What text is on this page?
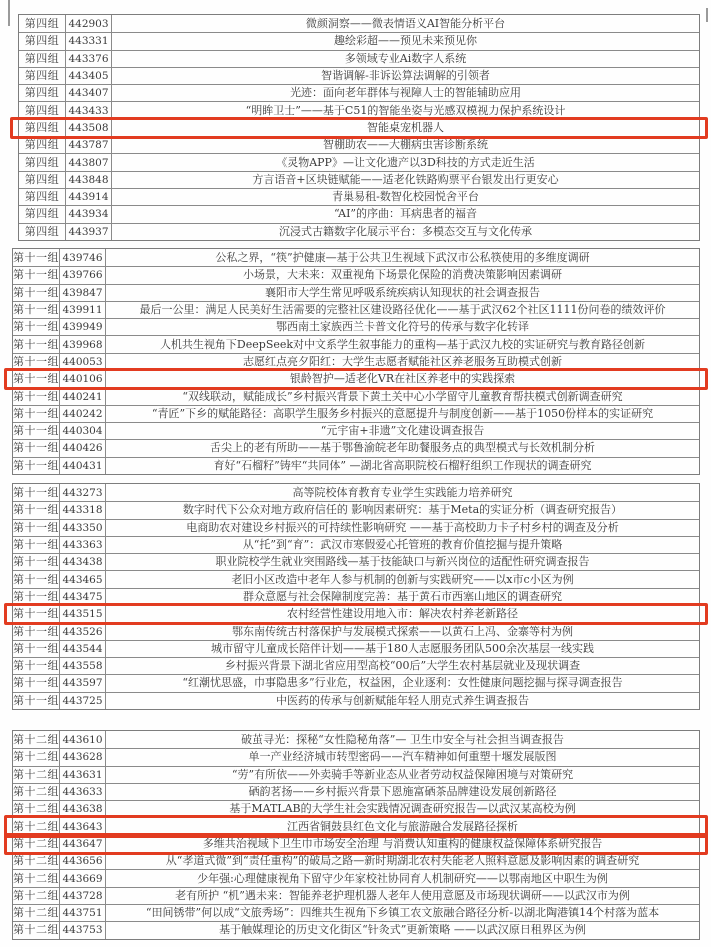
第四组 442903	微颜洞察——微表情语义AI智能分析平台
第四组 443331	趣绘彩超——预见未来预见你
第四组 443376	多领域专业Ai数字人系统
第四组 443405	智谐调解-非诉讼算法调解的引领者
第四组 443407	光迹：面向老年群体与视障人士的智能辅助应用
第四组 443433	“明眸卫士”——基于C51的智能坐姿与光感双模视力保护系统设计
第四组 443508	智能桌宠机器人
第四组 443787	智棚助农——大棚病虫害诊断系统
第四组 443807	《灵物APP》—让文化遗产以3D科技的方式走近生活
第四组 443848	方言语音+区块链赋能——适老化铁路购票平台银发出行更安心
第四组 443914	青巢易租-数智化校园悦舍平台
第四组 443934	“AI”的序曲：耳病患者的福音
第四组 443937	沉浸式古籍数字化展示平台：多模态交互与文化传承
第十一组 439746	公私之界，“筷”护健康—基于公共卫生视域下武汉市公私筷使用的多维度调研
第十一组 439766	小场景，大未来：双重视角下场景化保险的消费决策影响因素调研
第十一组 439847	襄阳市大学生常见呼吸系统疾病认知现状的社会调查报告
第十一组 439911	最后一公里：满足人民美好生活需要的完整社区建设路径优化——基于武汉62个社区1111份问卷的绩效评价
第十一组 439949	鄂西南土家族西兰卡普文化符号的传承与数字化转译
第十一组 439968	人机共生视角下DeepSeek对中文系学生叙事能力的重构—基于武汉九校的实证研究与教育路径创新
第十一组 440053	志愿红点亮夕阳红：大学生志愿者赋能社区养老服务互助模式创新
第十一组 440106	银龄智护—适老化VR在社区养老中的实践探索
第十一组 440241	“双线联动，赋能成长”乡村振兴背景下黄土关中心小学留守儿童教育帮扶模式创新调查研究
第十一组 440242	“青匠”下乡的赋能路径：高职学生服务乡村振兴的意愿提升与制度创新——基于1050份样本的实证研究
第十一组 440304	“元宇宙+非遗”文化建设调查报告
第十一组 440426	舌尖上的老有所助——基于鄂鲁渝皖老年助餐服务点的典型模式与长效机制分析
第十一组 440431	育好“石榴籽”铸牢“共同体” —湖北省高职院校石榴籽组织工作现状的调查研究
第十一组 443273	高等院校体育教育专业学生实践能力培养研究
第十一组 443318	数字时代下公众对地方政府信任的 影响因素研究：基于Meta的实证分析（调查研究报告）
第十一组 443350	电商助农对建设乡村振兴的可持续性影响研究 ——基于高校助力卡子村乡村的调查及分析
第十一组 443363	从“托”到“育”：武汉市寒假爱心托管班的教育价值挖掘与提升策略
第十一组 443438	职业院校学生就业突围路线—基于技能缺口与新兴岗位的适配性研究调查报告
第十一组 443465	老旧小区改造中老年人参与机制的创新与实践研究——以x市c小区为例
第十一组 443475	群众意愿与社会保障制度完善：基于黄石市西塞山地区的调查研究
第十一组 443515	农村经营性建设用地入市：解决农村养老新路径
第十一组 443526	鄂东南传统古村落保护与发展模式探索——以黄石上冯、金寨等村为例
第十一组 443544	城市留守儿童成长陪伴计划——基于180人志愿服务团队500余次基层一线实践
第十一组 443558	乡村振兴背景下湖北省应用型高校“00后”大学生农村基层就业及现状调查
第十一组 443597	“红潮忧思盛，巾事隐患多”行业危，权益困，企业逐利：女性健康问题挖掘与探寻调查报告
第十一组 443725	中医药的传承与创新赋能年轻人朋克式养生调查报告
第十二组 443610	破茧寻光：探秘“女性隐秘角落”— 卫生巾安全与社会担当调查报告
第十二组 443628	单一产业经济城市转型密码——汽车精神如何重塑十堰发展版图
第十二组 443631	“劳”有所依——外卖骑手等新业态从业者劳动权益保障困境与对策研究
第十二组 443633	硒韵茗扬——乡村振兴背景下恩施富硒茶品牌建设发展创新路径
第十二组 443638	基于MATLAB的大学生社会实践情况调查研究报告—以武汉某高校为例
第十二组 443643	江西省铜鼓县红色文化与旅游融合发展路径探析
第十二组 443647	多维共治视域下卫生巾市场安全治理 与消费认知重构的健康权益保障体系研究报告
第十二组 443656	从“孝道式微”到“责任重构”的破局之路—新时期湖北农村失能老人照料意愿及影响因素的调查研究
第十二组 443669	少年强:心理健康视角下留守少年家校社协同育人机制研究——以鄂南地区中职生为例
第十二组 443728	老有所护 “机”遇未来：智能养老护理机器人老年人使用意愿及市场现状调研——以武汉市为例
第十二组 443751	“田间锈带”何以成“文旅秀场”：四维共生视角下乡镇工农文旅融合路径分析-以湖北陶港镇14个村落为蓝本
第十二组 443753	基于触媒理论的历史文化街区“针灸式”更新策略 ——以武汉原日租界区为例
